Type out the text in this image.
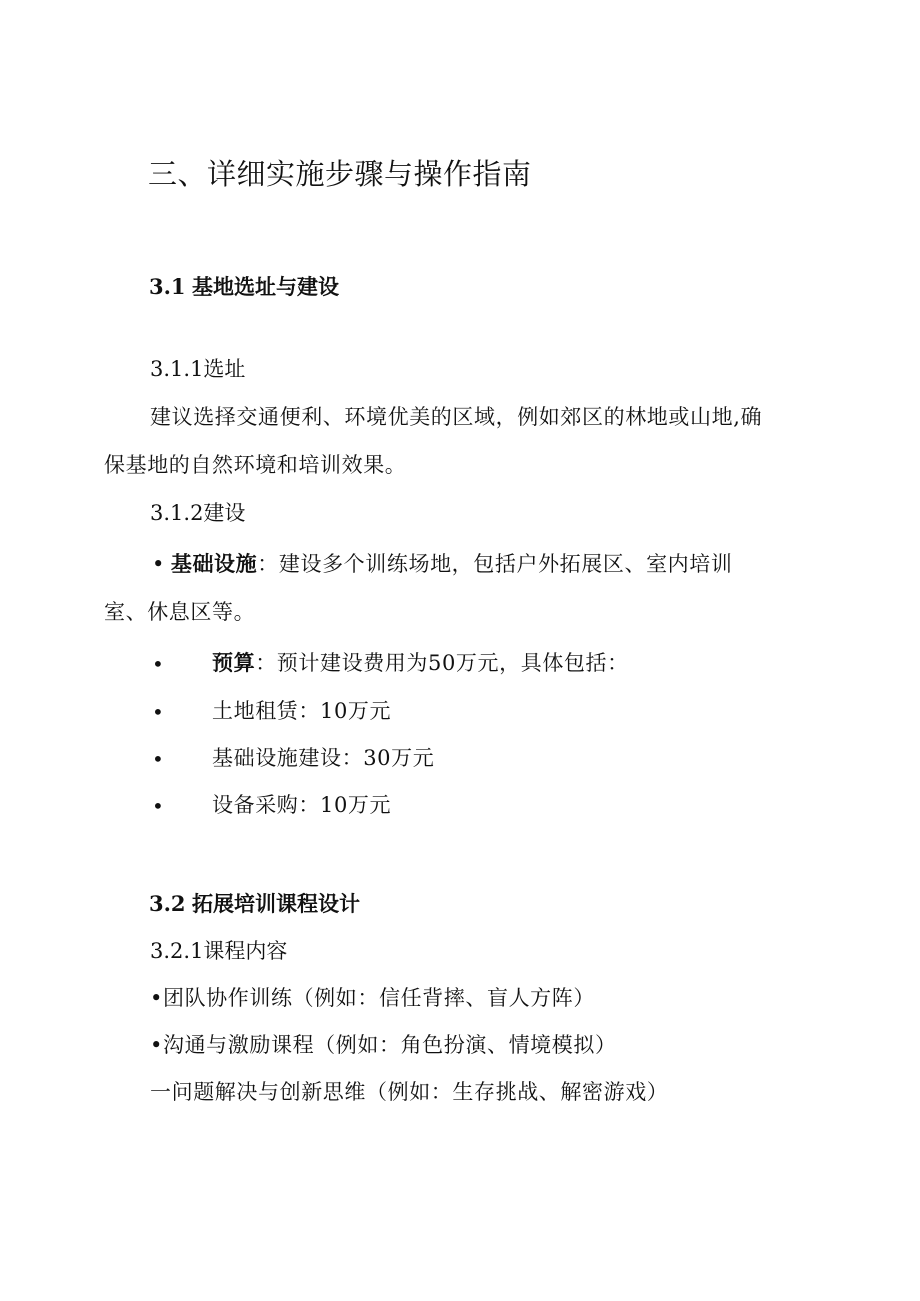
三、详细实施步骤与操作指南
3.1 基地选址与建设
3.1.1选址
建议选择交通便利、环境优美的区域，例如郊区的林地或山地,确
保基地的自然环境和培训效果。
3.1.2建设
• 基础设施：建设多个训练场地，包括户外拓展区、室内培训
室、休息区等。
• 预算：预计建设费用为50万元，具体包括：
• 土地租赁：10万元
• 基础设施建设：30万元
• 设备采购：10万元
3.2 拓展培训课程设计
3.2.1课程内容
•团队协作训练（例如：信任背摔、盲人方阵）
•沟通与激励课程（例如：角色扮演、情境模拟）
一问题解决与创新思维（例如：生存挑战、解密游戏）
